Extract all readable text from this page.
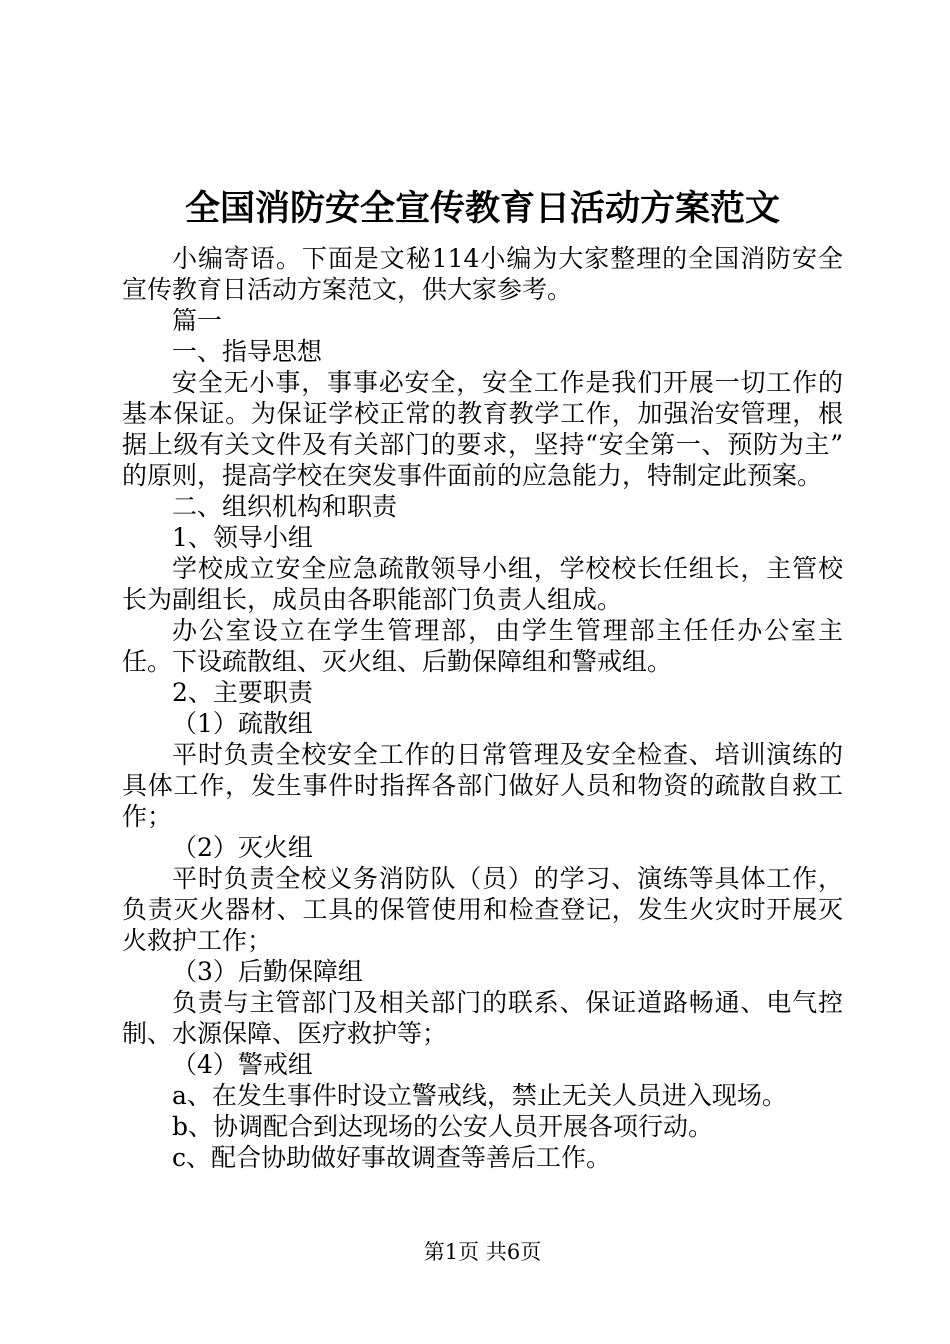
全国消防安全宣传教育日活动方案范文

小编寄语。下面是文秘114小编为大家整理的全国消防安全宣传教育日活动方案范文，供大家参考。

篇一

一、指导思想

安全无小事，事事必安全，安全工作是我们开展一切工作的基本保证。为保证学校正常的教育教学工作，加强治安管理，根据上级有关文件及有关部门的要求，坚持“安全第一、预防为主”的原则，提高学校在突发事件面前的应急能力，特制定此预案。

二、组织机构和职责

1、领导小组

学校成立安全应急疏散领导小组，学校校长任组长，主管校长为副组长，成员由各职能部门负责人组成。

办公室设立在学生管理部，由学生管理部主任任办公室主任。下设疏散组、灭火组、后勤保障组和警戒组。

2、主要职责

（1）疏散组

平时负责全校安全工作的日常管理及安全检查、培训演练的具体工作，发生事件时指挥各部门做好人员和物资的疏散自救工作；

（2）灭火组

平时负责全校义务消防队（员）的学习、演练等具体工作，负责灭火器材、工具的保管使用和检查登记，发生火灾时开展灭火救护工作；

（3）后勤保障组

负责与主管部门及相关部门的联系、保证道路畅通、电气控制、水源保障、医疗救护等；

（4）警戒组

a、在发生事件时设立警戒线，禁止无关人员进入现场。

b、协调配合到达现场的公安人员开展各项行动。

c、配合协助做好事故调查等善后工作。

第1页 共6页
